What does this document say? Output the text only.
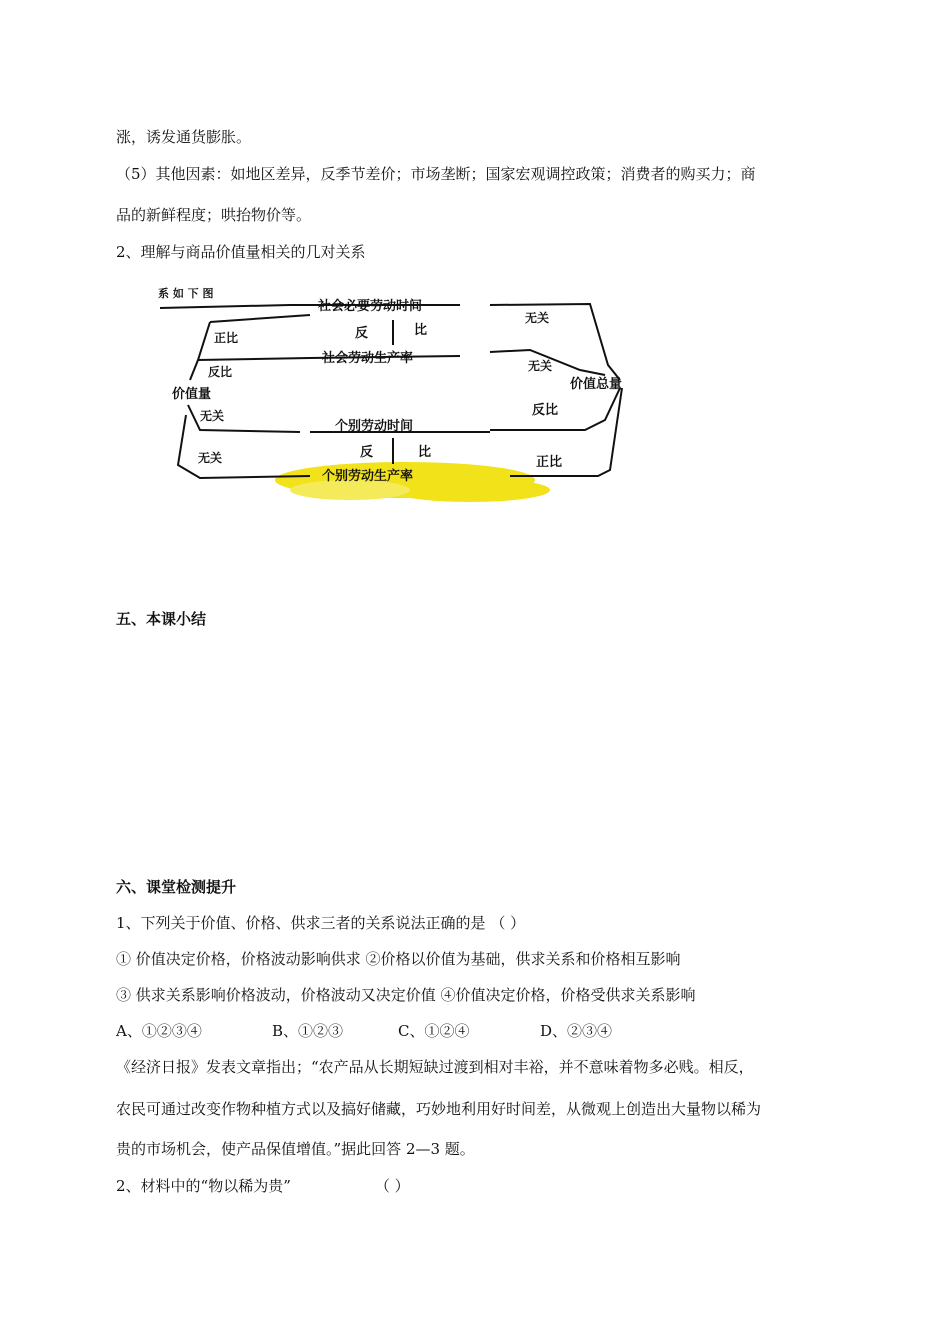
涨，诱发通货膨胀。
（5）其他因素：如地区差异，反季节差价；市场垄断；国家宏观调控政策；消费者的购买力；商
品的新鲜程度；哄抬物价等。
2、理解与商品价值量相关的几对关系
系 如 下 图
社会必要劳动时间
反	比
社会劳动生产率
个别劳动时间
反	比
个别劳动生产率
价值量
价值总量
正比
反比
无关
无关
无关
无关
反比
正比
五、本课小结
六、课堂检测提升
1、下列关于价值、价格、供求三者的关系说法正确的是 （ ）
① 价值决定价格，价格波动影响供求 ②价格以价值为基础，供求关系和价格相互影响
③ 供求关系影响价格波动，价格波动又决定价值 ④价值决定价格，价格受供求关系影响
A、①②③④	B、①②③	C、①②④	D、②③④
《经济日报》发表文章指出；“农产品从长期短缺过渡到相对丰裕，并不意味着物多必贱。相反，
农民可通过改变作物种植方式以及搞好储藏，巧妙地利用好时间差，从微观上创造出大量物以稀为
贵的市场机会，使产品保值增值。”据此回答 2—3 题。
2、材料中的“物以稀为贵”	（ ）
